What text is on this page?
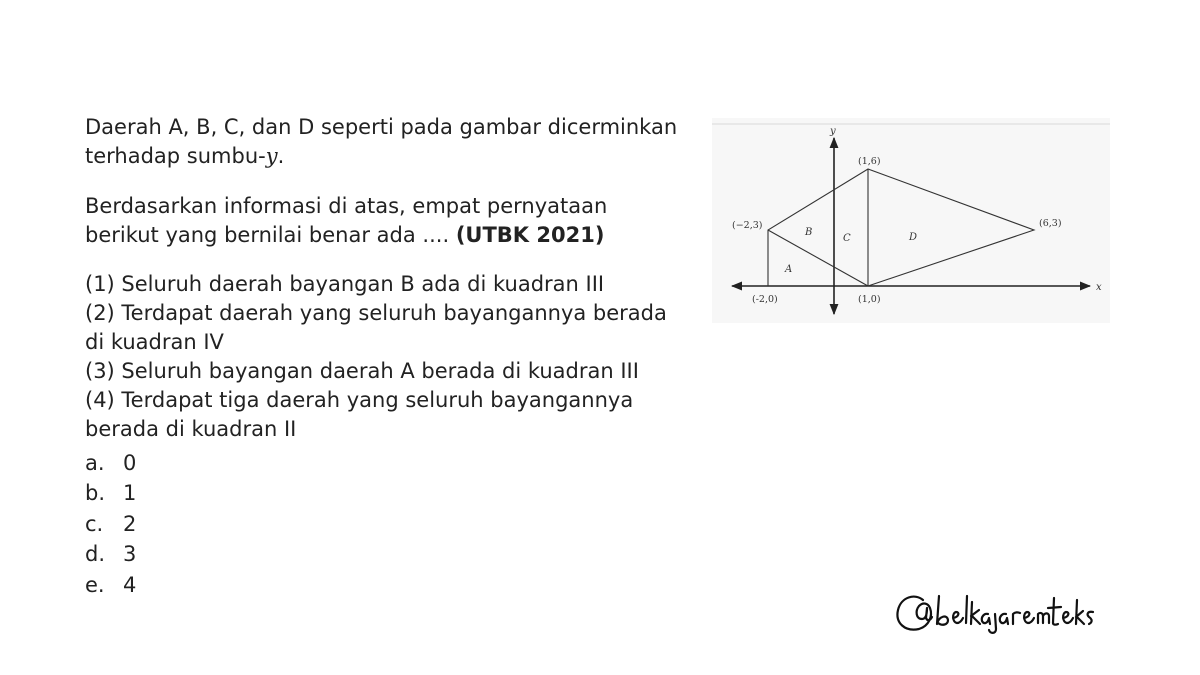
Daerah A, B, C, dan D seperti pada gambar dicerminkan terhadap sumbu-y.

Berdasarkan informasi di atas, empat pernyataan berikut yang bernilai benar ada .... (UTBK 2021)

(1) Seluruh daerah bayangan B ada di kuadran III

(2) Terdapat daerah yang seluruh bayangannya berada di kuadran IV

(3) Seluruh bayangan daerah A berada di kuadran III

(4) Terdapat tiga daerah yang seluruh bayangannya berada di kuadran II

a. 0
b. 1
c. 2
d. 3
e. 4
x
y
(1,6)
(−2,3)	(6,3)
(-2,0)	(1,0)
A
B
C	D
@belajaremtelsa
